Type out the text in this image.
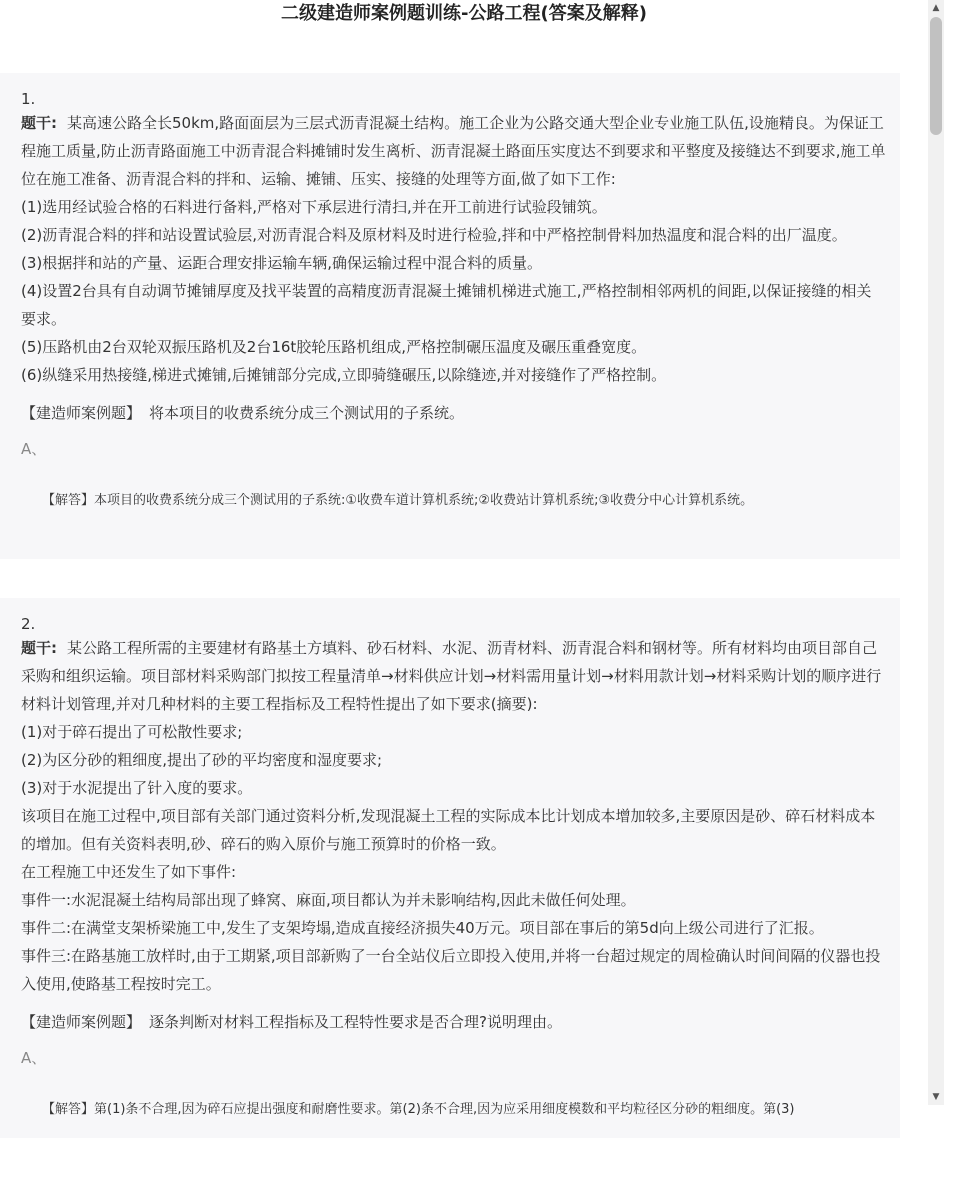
二级建造师案例题训练-公路工程(答案及解释)
1.

题干: 某高速公路全长50km,路面面层为三层式沥青混凝土结构。施工企业为公路交通大型企业专业施工队伍,设施精良。为保证工程施工质量,防止沥青路面施工中沥青混合料摊铺时发生离析、沥青混凝土路面压实度达不到要求和平整度及接缝达不到要求,施工单位在施工准备、沥青混合料的拌和、运输、摊铺、压实、接缝的处理等方面,做了如下工作:

(1)选用经试验合格的石料进行备料,严格对下承层进行清扫,并在开工前进行试验段铺筑。

(2)沥青混合料的拌和站设置试验层,对沥青混合料及原材料及时进行检验,拌和中严格控制骨料加热温度和混合料的出厂温度。

(3)根据拌和站的产量、运距合理安排运输车辆,确保运输过程中混合料的质量。

(4)设置2台具有自动调节摊铺厚度及找平装置的高精度沥青混凝土摊铺机梯进式施工,严格控制相邻两机的间距,以保证接缝的相关要求。

(5)压路机由2台双轮双振压路机及2台16t胶轮压路机组成,严格控制碾压温度及碾压重叠宽度。

(6)纵缝采用热接缝,梯进式摊铺,后摊铺部分完成,立即骑缝碾压,以除缝迹,并对接缝作了严格控制。

【建造师案例题】 将本项目的收费系统分成三个测试用的子系统。
A、
【解答】本项目的收费系统分成三个测试用的子系统:①收费车道计算机系统;②收费站计算机系统;③收费分中心计算机系统。
2.

题干: 某公路工程所需的主要建材有路基土方填料、砂石材料、水泥、沥青材料、沥青混合料和钢材等。所有材料均由项目部自己采购和组织运输。项目部材料采购部门拟按工程量清单→材料供应计划→材料需用量计划→材料用款计划→材料采购计划的顺序进行材料计划管理,并对几种材料的主要工程指标及工程特性提出了如下要求(摘要):

(1)对于碎石提出了可松散性要求;

(2)为区分砂的粗细度,提出了砂的平均密度和湿度要求;

(3)对于水泥提出了针入度的要求。

该项目在施工过程中,项目部有关部门通过资料分析,发现混凝土工程的实际成本比计划成本增加较多,主要原因是砂、碎石材料成本的增加。但有关资料表明,砂、碎石的购入原价与施工预算时的价格一致。

在工程施工中还发生了如下事件:

事件一:水泥混凝土结构局部出现了蜂窝、麻面,项目都认为并未影响结构,因此未做任何处理。

事件二:在满堂支架桥梁施工中,发生了支架垮塌,造成直接经济损失40万元。项目部在事后的第5d向上级公司进行了汇报。

事件三:在路基施工放样时,由于工期紧,项目部新购了一台全站仪后立即投入使用,并将一台超过规定的周检确认时间间隔的仪器也投入使用,使路基工程按时完工。

【建造师案例题】 逐条判断对材料工程指标及工程特性要求是否合理?说明理由。
A、
【解答】第(1)条不合理,因为碎石应提出强度和耐磨性要求。第(2)条不合理,因为应采用细度模数和平均粒径区分砂的粗细度。第(3)
▲
▼
